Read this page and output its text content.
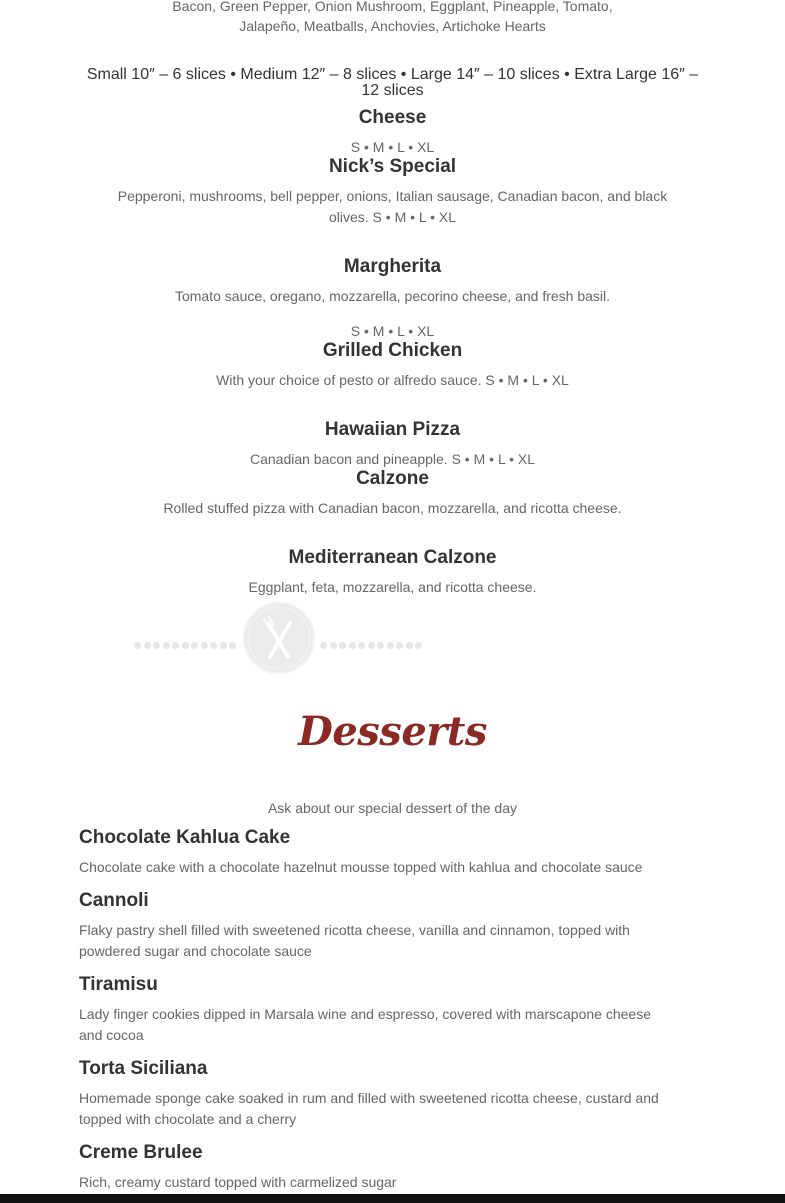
Bacon, Green Pepper, Onion Mushroom, Eggplant, Pineapple, Tomato,
Jalapeño, Meatballs, Anchovies, Artichoke Hearts
Small 10″ – 6 slices • Medium 12″ – 8 slices • Large 14″ – 10 slices • Extra Large 16″ –
12 slices
Cheese
S • M • L • XL
Nick’s Special
Pepperoni, mushrooms, bell pepper, onions, Italian sausage, Canadian bacon, and black
olives. S • M • L • XL
Margherita
Tomato sauce, oregano, mozzarella, pecorino cheese, and fresh basil.
S • M • L • XL
Grilled Chicken
With your choice of pesto or alfredo sauce. S • M • L • XL
Hawaiian Pizza
Canadian bacon and pineapple. S • M • L • XL
Calzone
Rolled stuffed pizza with Canadian bacon, mozzarella, and ricotta cheese.
Mediterranean Calzone
Eggplant, feta, mozzarella, and ricotta cheese.
Desserts
Ask about our special dessert of the day
Chocolate Kahlua Cake
Chocolate cake with a chocolate hazelnut mousse topped with kahlua and chocolate sauce
Cannoli
Flaky pastry shell filled with sweetened ricotta cheese, vanilla and cinnamon, topped with
powdered sugar and chocolate sauce
Tiramisu
Lady finger cookies dipped in Marsala wine and espresso, covered with marscapone cheese
and cocoa
Torta Siciliana
Homemade sponge cake soaked in rum and filled with sweetened ricotta cheese, custard and
topped with chocolate and a cherry
Creme Brulee
Rich, creamy custard topped with carmelized sugar
